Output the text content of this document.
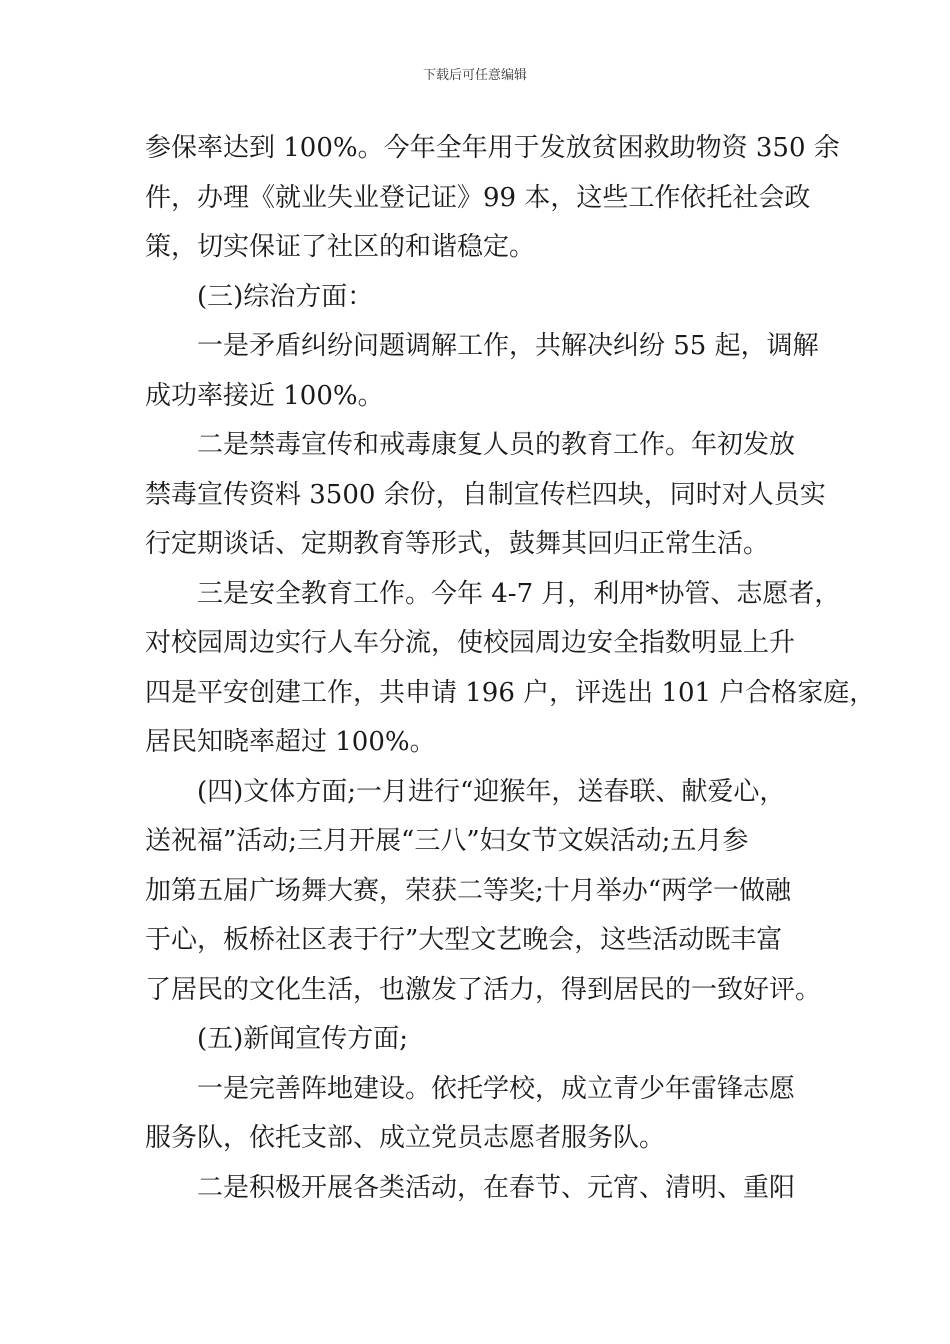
下载后可任意编辑
参保率达到 100%。今年全年用于发放贫困救助物资 350 余
件，办理《就业失业登记证》99 本，这些工作依托社会政
策，切实保证了社区的和谐稳定。
(三)综治方面：
一是矛盾纠纷问题调解工作，共解决纠纷 55 起，调解
成功率接近 100%。
二是禁毒宣传和戒毒康复人员的教育工作。年初发放
禁毒宣传资料 3500 余份，自制宣传栏四块，同时对人员实
行定期谈话、定期教育等形式，鼓舞其回归正常生活。
三是安全教育工作。今年 4-7 月，利用*协管、志愿者，
对校园周边实行人车分流，使校园周边安全指数明显上升
四是平安创建工作，共申请 196 户，评选出 101 户合格家庭，
居民知晓率超过 100%。
(四)文体方面;一月进行“迎猴年，送春联、献爱心，
送祝福”活动;三月开展“三八”妇女节文娱活动;五月参
加第五届广场舞大赛，荣获二等奖;十月举办“两学一做融
于心，板桥社区表于行”大型文艺晚会，这些活动既丰富
了居民的文化生活，也激发了活力，得到居民的一致好评。
(五)新闻宣传方面;
一是完善阵地建设。依托学校，成立青少年雷锋志愿
服务队，依托支部、成立党员志愿者服务队。
二是积极开展各类活动，在春节、元宵、清明、重阳
